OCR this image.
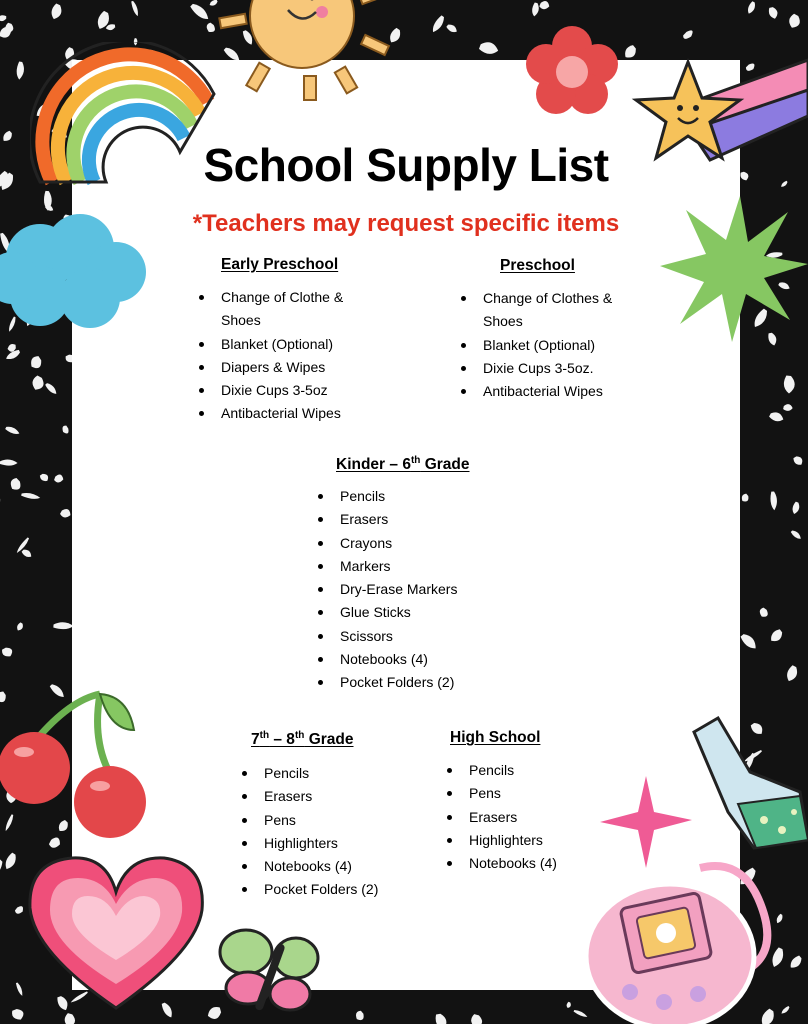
School Supply List
*Teachers may request specific items
Early Preschool
Change of Clothe & Shoes
Blanket (Optional)
Diapers & Wipes
Dixie Cups 3-5oz
Antibacterial Wipes
Preschool
Change of Clothes & Shoes
Blanket (Optional)
Dixie Cups 3-5oz.
Antibacterial Wipes
Kinder – 6th Grade
Pencils
Erasers
Crayons
Markers
Dry-Erase Markers
Glue Sticks
Scissors
Notebooks (4)
Pocket Folders (2)
7th – 8th Grade
Pencils
Erasers
Pens
Highlighters
Notebooks (4)
Pocket Folders (2)
High School
Pencils
Pens
Erasers
Highlighters
Notebooks (4)
